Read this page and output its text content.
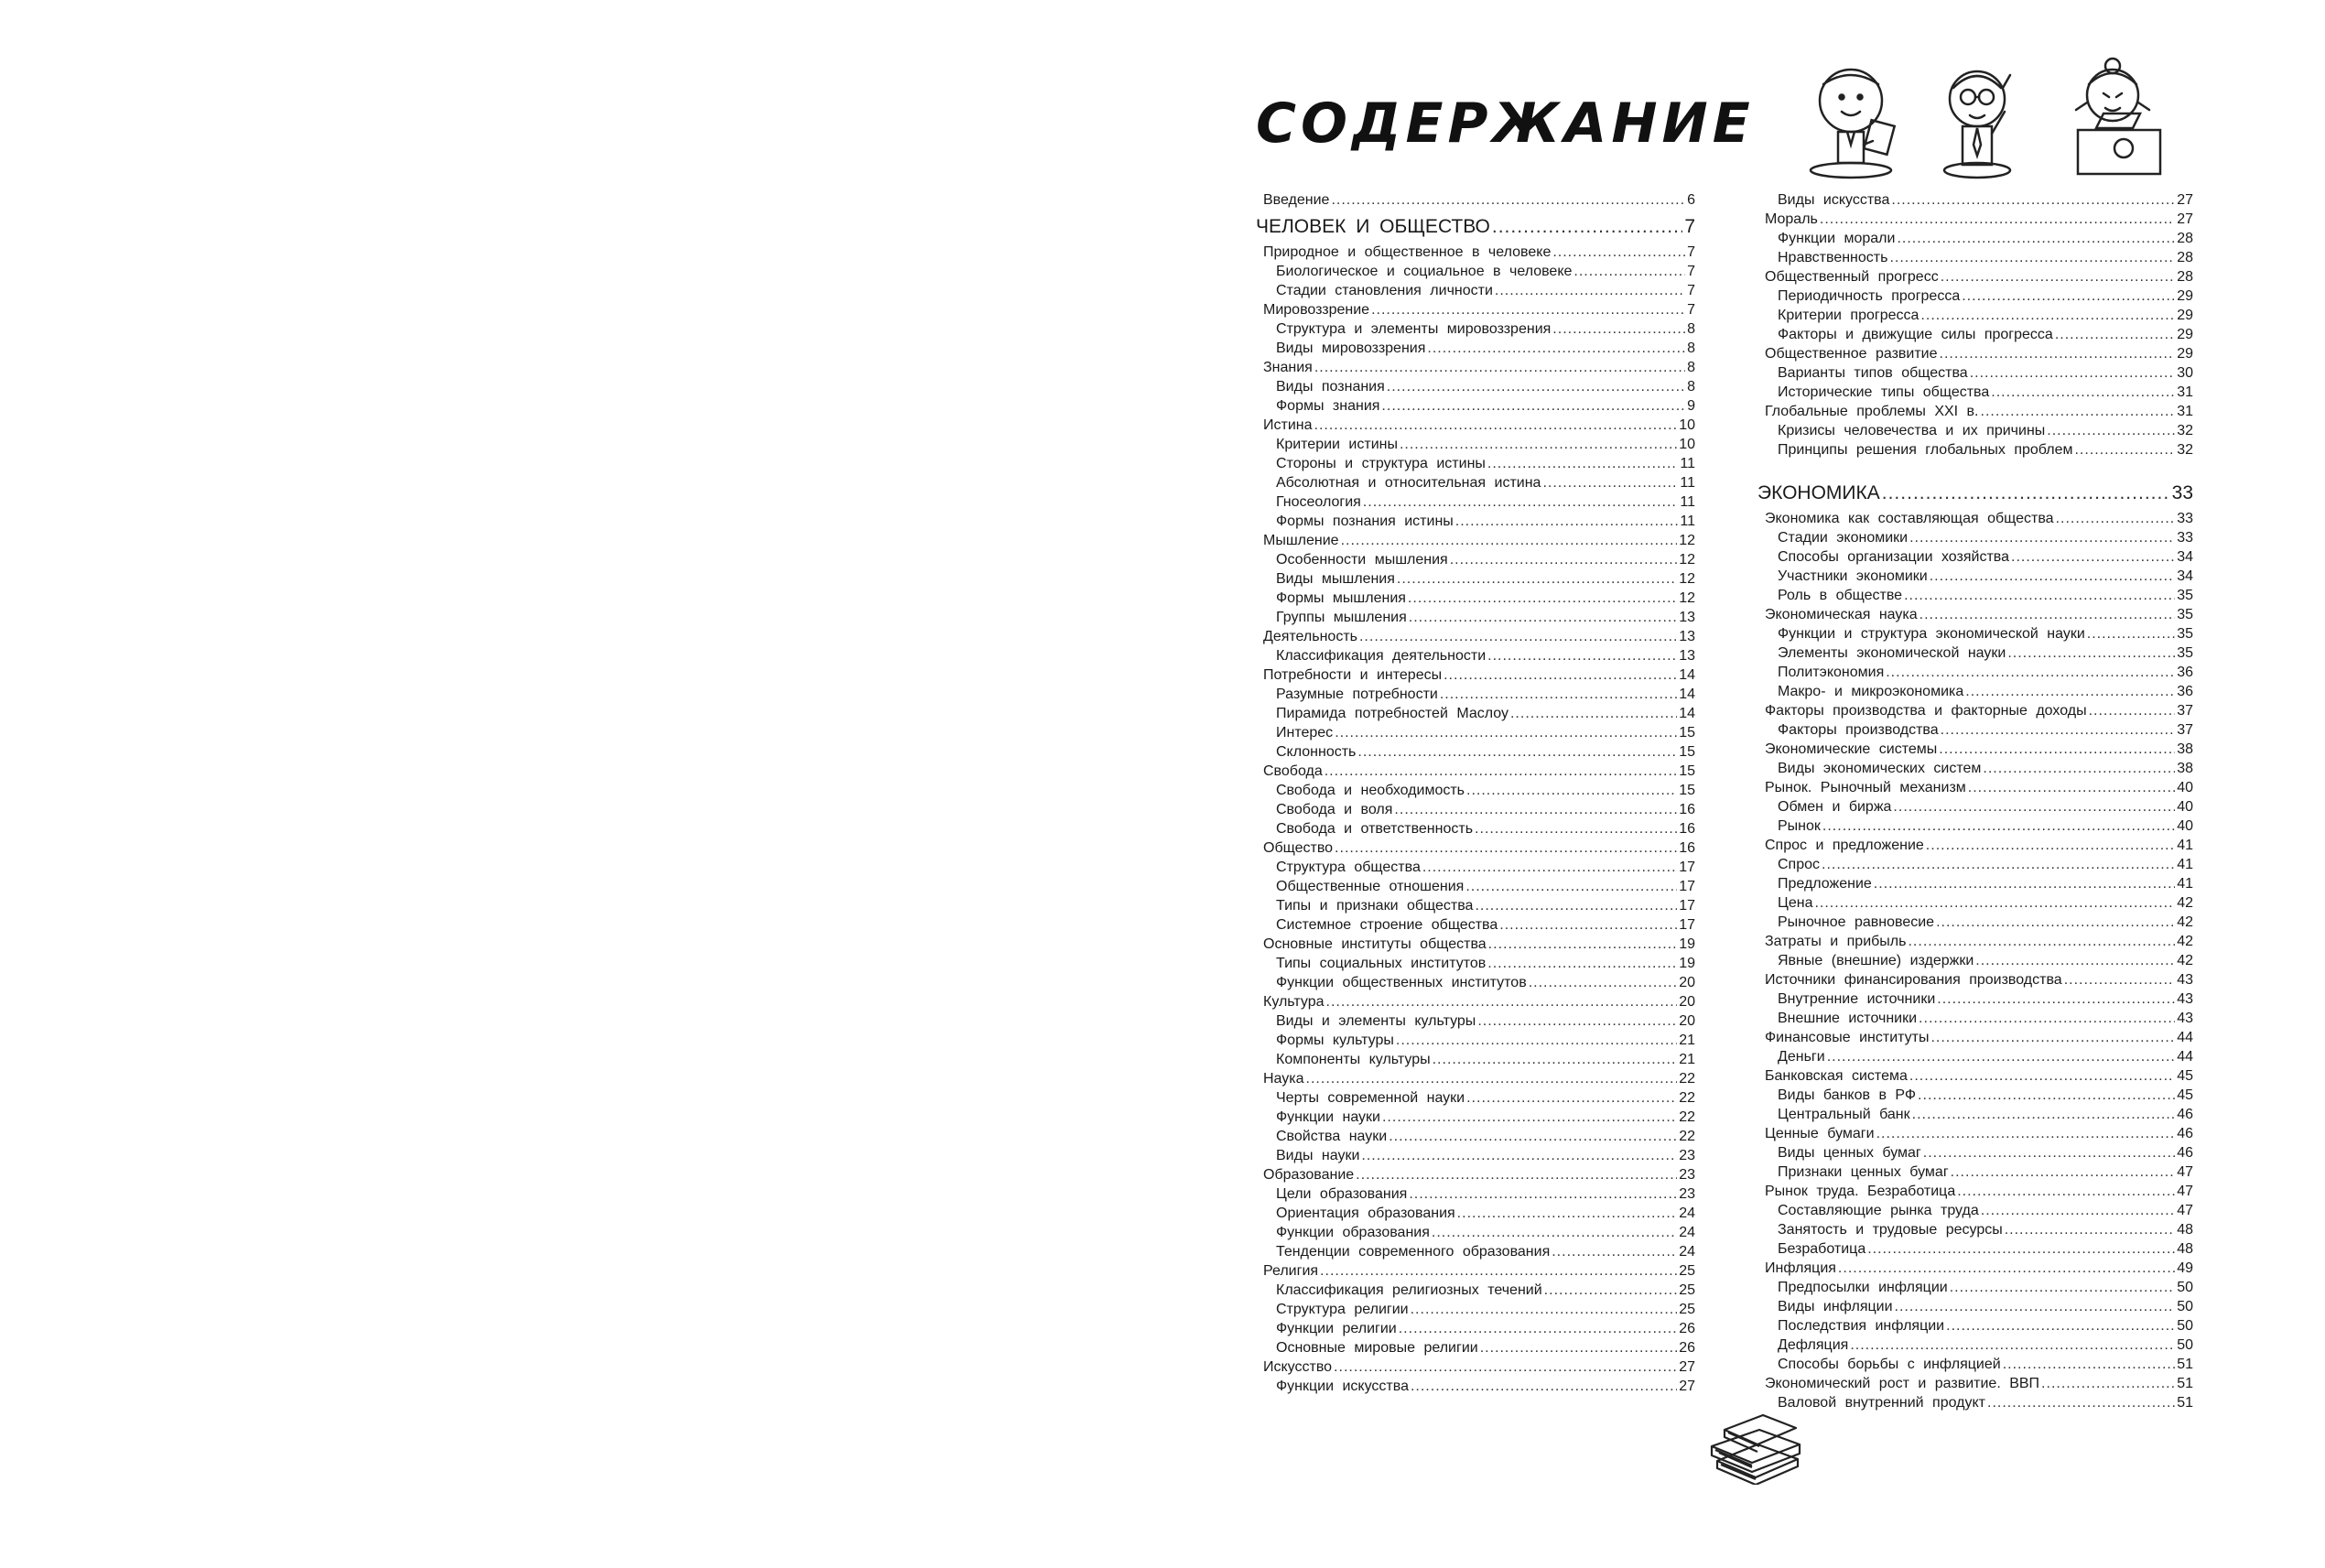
СОДЕРЖАНИЕ
Введение .....	6
ЧЕЛОВЕК И ОБЩЕСТВО .....	7
Природное и общественное в человеке .....	7
Биологическое и социальное в человеке .....	7
Стадии становления личности .....	7
Мировоззрение .....	7
Структура и элементы мировоззрения .....	8
Виды мировоззрения .....	8
Знания .....	8
Виды познания .....	8
Формы знания .....	9
Истина .....	10
Критерии истины .....	10
Стороны и структура истины .....	11
Абсолютная и относительная истина .....	11
Гносеология .....	11
Формы познания истины .....	11
Мышление .....	12
Особенности мышления .....	12
Виды мышления .....	12
Формы мышления .....	12
Группы мышления .....	13
Деятельность .....	13
Классификация деятельности .....	13
Потребности и интересы .....	14
Разумные потребности .....	14
Пирамида потребностей Маслоу .....	14
Интерес .....	15
Склонность .....	15
Свобода .....	15
Свобода и необходимость .....	15
Свобода и воля .....	16
Свобода и ответственность .....	16
Общество .....	16
Структура общества .....	17
Общественные отношения .....	17
Типы и признаки общества .....	17
Системное строение общества .....	17
Основные институты общества .....	19
Типы социальных институтов .....	19
Функции общественных институтов .....	20
Культура .....	20
Виды и элементы культуры .....	20
Формы культуры .....	21
Компоненты культуры .....	21
Наука .....	22
Черты современной науки .....	22
Функции науки .....	22
Свойства науки .....	22
Виды науки .....	23
Образование .....	23
Цели образования .....	23
Ориентация образования .....	24
Функции образования .....	24
Тенденции современного образования .....	24
Религия .....	25
Классификация религиозных течений .....	25
Структура религии .....	25
Функции религии .....	26
Основные мировые религии .....	26
Искусство .....	27
Функции искусства .....	27
Виды искусства .....	27
Мораль .....	27
Функции морали .....	28
Нравственность .....	28
Общественный прогресс .....	28
Периодичность прогресса .....	29
Критерии прогресса .....	29
Факторы и движущие силы прогресса .....	29
Общественное развитие .....	29
Варианты типов общества .....	30
Исторические типы общества .....	31
Глобальные проблемы XXI в. .....	31
Кризисы человечества и их причины .....	32
Принципы решения глобальных проблем .....	32
ЭКОНОМИКА .....	33
Экономика как составляющая общества .....	33
Стадии экономики .....	33
Способы организации хозяйства .....	34
Участники экономики .....	34
Роль в обществе .....	35
Экономическая наука .....	35
Функции и структура экономической науки .....	35
Элементы экономической науки .....	35
Политэкономия .....	36
Макро- и микроэкономика .....	36
Факторы производства и факторные доходы .....	37
Факторы производства .....	37
Экономические системы .....	38
Виды экономических систем .....	38
Рынок. Рыночный механизм .....	40
Обмен и биржа .....	40
Рынок .....	40
Спрос и предложение .....	41
Спрос .....	41
Предложение .....	41
Цена .....	42
Рыночное равновесие .....	42
Затраты и прибыль .....	42
Явные (внешние) издержки .....	42
Источники финансирования производства .....	43
Внутренние источники .....	43
Внешние источники .....	43
Финансовые институты .....	44
Деньги .....	44
Банковская система .....	45
Виды банков в РФ .....	45
Центральный банк .....	46
Ценные бумаги .....	46
Виды ценных бумаг .....	46
Признаки ценных бумаг .....	47
Рынок труда. Безработица .....	47
Составляющие рынка труда .....	47
Занятость и трудовые ресурсы .....	48
Безработица .....	48
Инфляция .....	49
Предпосылки инфляции .....	50
Виды инфляции .....	50
Последствия инфляции .....	50
Дефляция .....	50
Способы борьбы с инфляцией .....	51
Экономический рост и развитие. ВВП .....	51
Валовой внутренний продукт .....	51
